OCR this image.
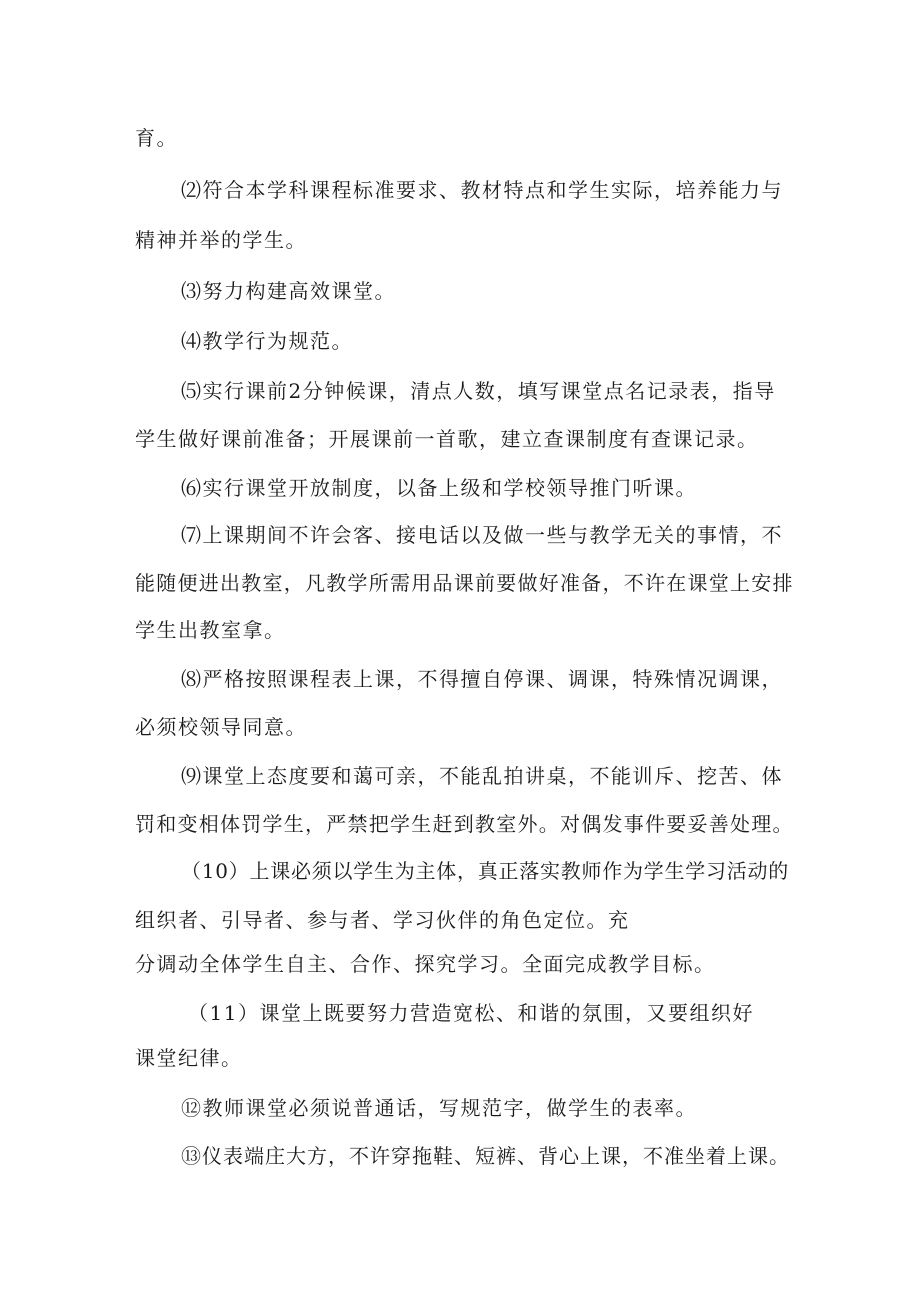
育。

⑵符合本学科课程标准要求、教材特点和学生实际，培养能力与

精神并举的学生。

⑶努力构建高效课堂。

⑷教学行为规范。

⑸实行课前2分钟候课，清点人数，填写课堂点名记录表，指导

学生做好课前准备；开展课前一首歌，建立查课制度有查课记录。

⑹实行课堂开放制度，以备上级和学校领导推门听课。

⑺上课期间不许会客、接电话以及做一些与教学无关的事情，不

能随便进出教室，凡教学所需用品课前要做好准备，不许在课堂上安排

学生出教室拿。

⑻严格按照课程表上课，不得擅自停课、调课，特殊情况调课，

必须校领导同意。

⑼课堂上态度要和蔼可亲，不能乱拍讲桌，不能训斥、挖苦、体

罚和变相体罚学生，严禁把学生赶到教室外。对偶发事件要妥善处理。

（10）上课必须以学生为主体，真正落实教师作为学生学习活动的

组织者、引导者、参与者、学习伙伴的角色定位。充

分调动全体学生自主、合作、探究学习。全面完成教学目标。

（11）课堂上既要努力营造宽松、和谐的氛围，又要组织好

课堂纪律。

⑫教师课堂必须说普通话，写规范字，做学生的表率。

⑬仪表端庄大方，不许穿拖鞋、短裤、背心上课，不准坐着上课。
